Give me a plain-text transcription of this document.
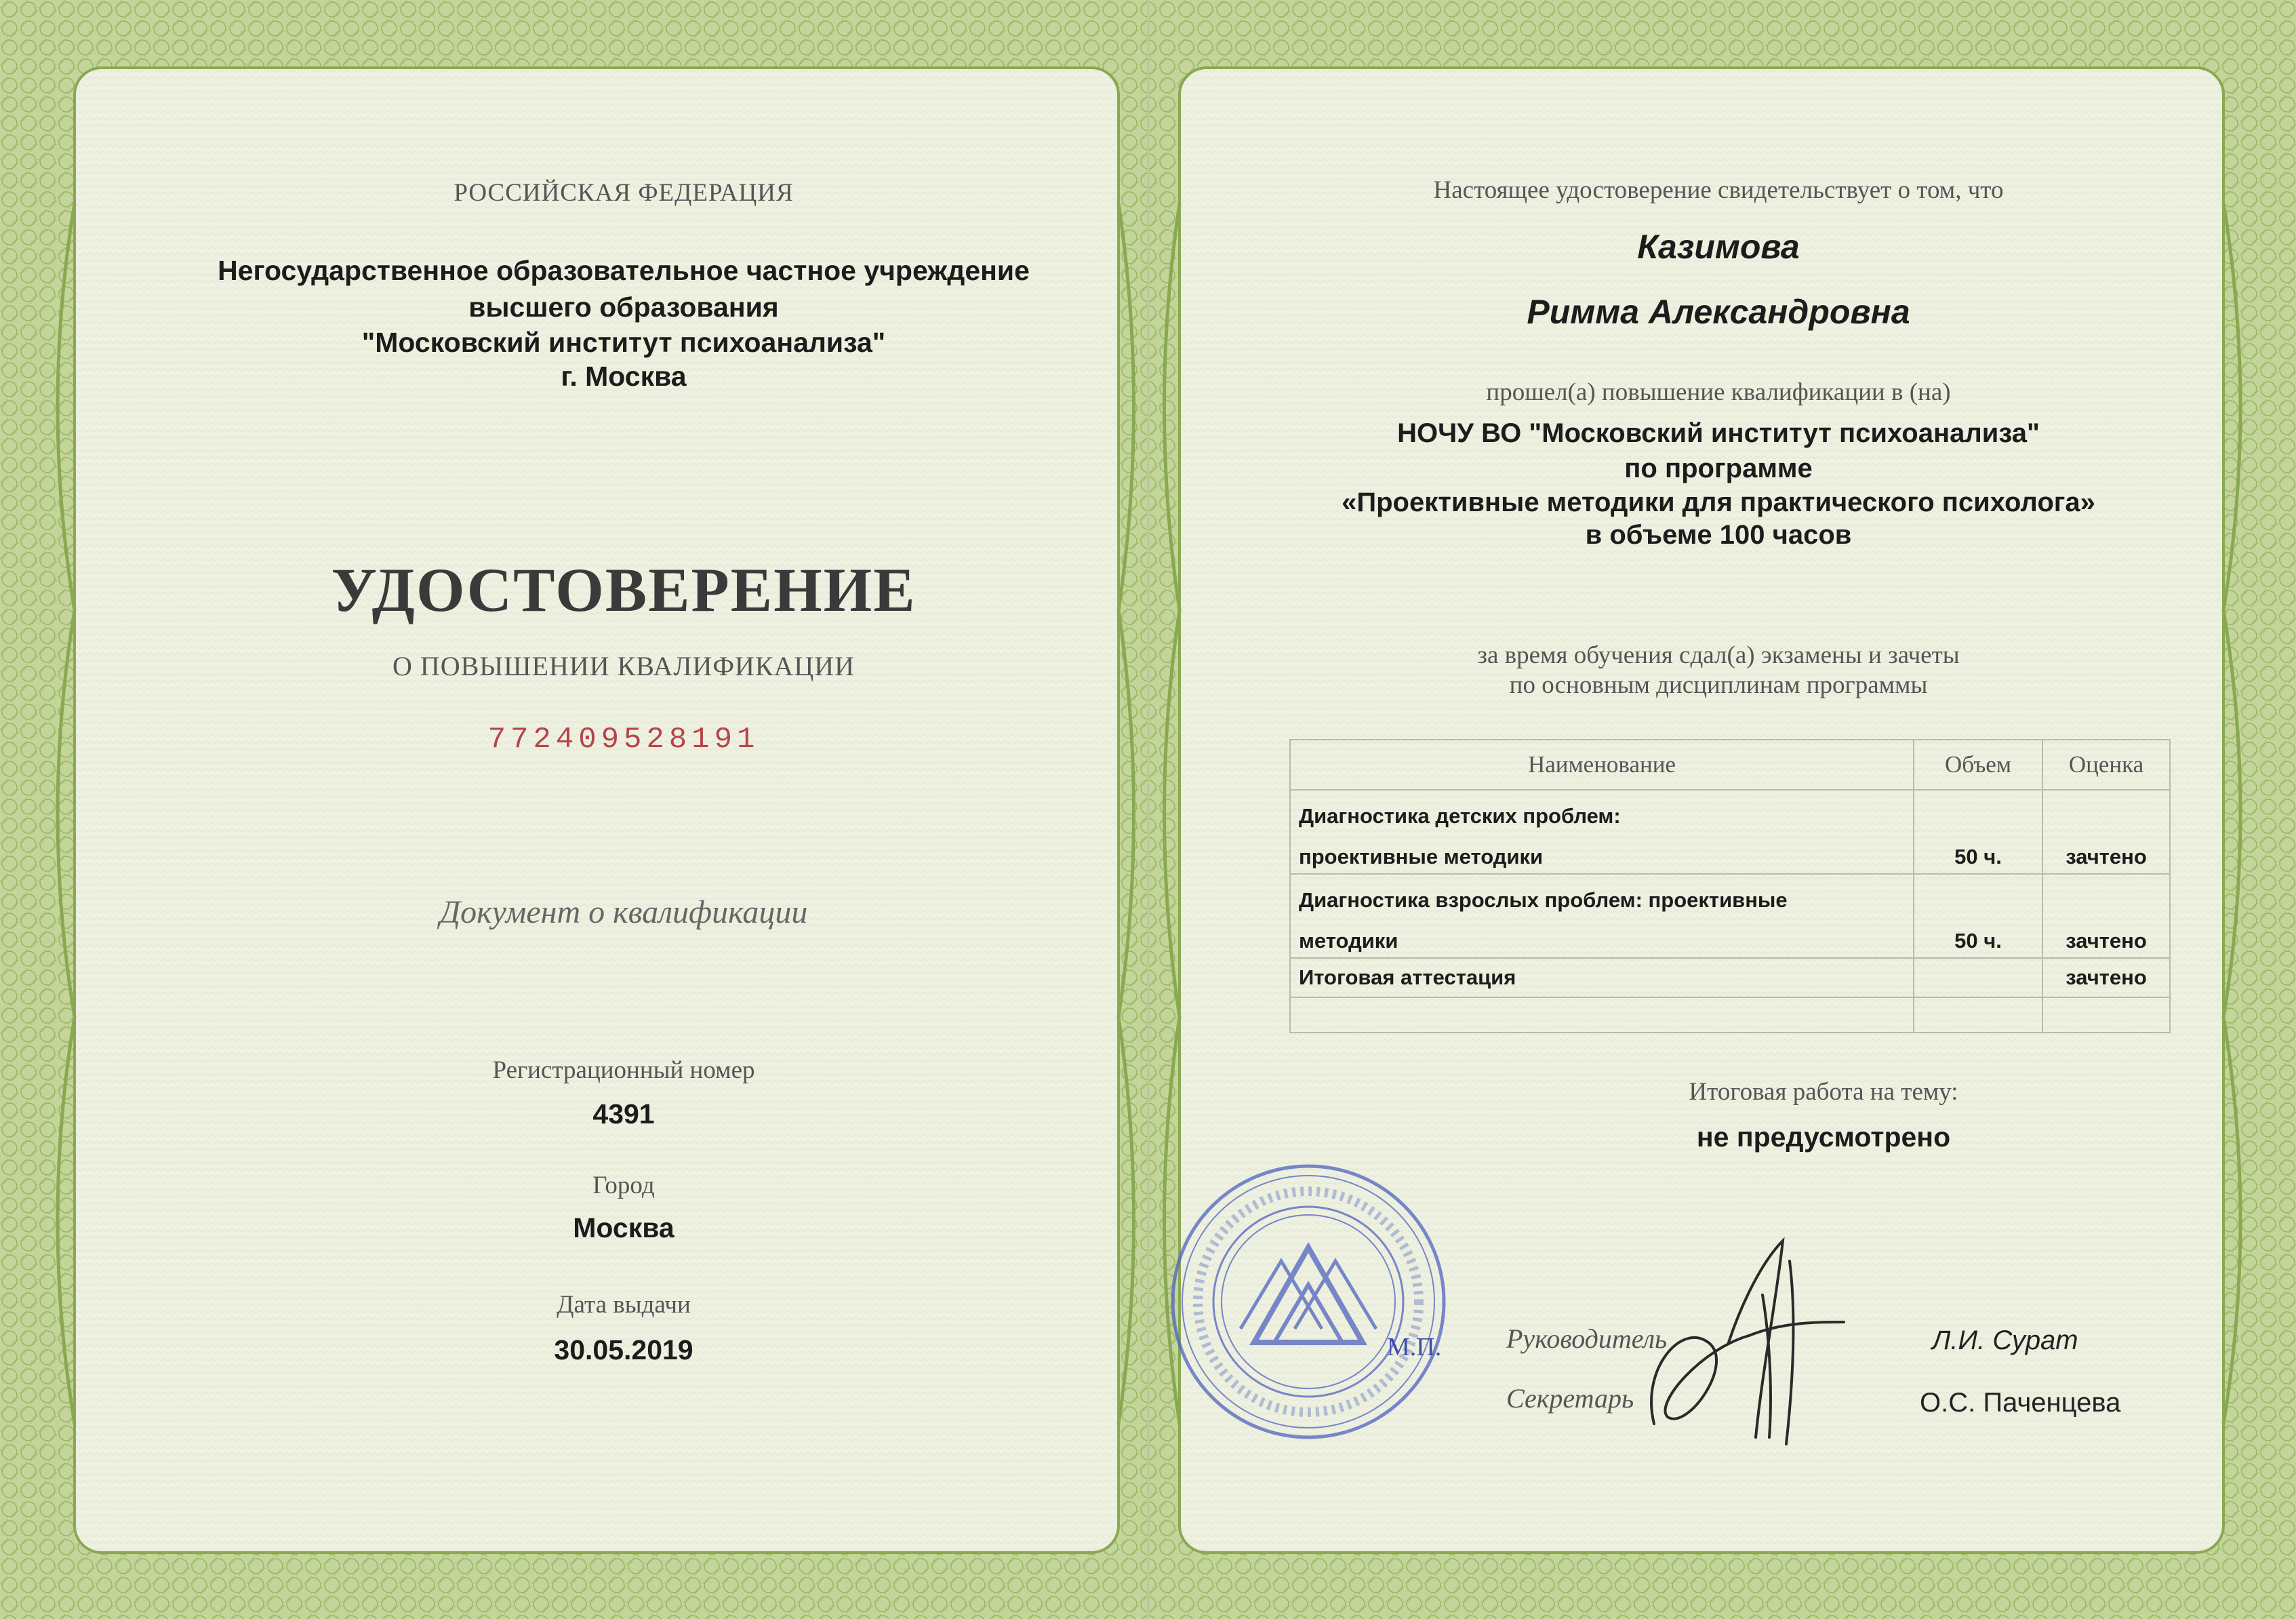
РОССИЙСКАЯ ФЕДЕРАЦИЯ

Негосударственное образовательное частное учреждение

высшего образования

"Московский институт психоанализа"

г. Москва

УДОСТОВЕРЕНИЕ

О ПОВЫШЕНИИ КВАЛИФИКАЦИИ

772409528191

Документ о квалификации

Регистрационный номер

4391

Город

Москва

Дата выдачи

30.05.2019

Настоящее удостоверение свидетельствует о том, что

Казимова

Римма Александровна

прошел(а) повышение квалификации в (на)

НОЧУ ВО "Московский институт психоанализа"

по программе

«Проективные методики для практического психолога»

в объеме 100 часов

за время обучения сдал(а) экзамены и зачеты

по основным дисциплинам программы

Наименование	Объем	Оценка
Диагностика детских проблем:		
проективные методики	50 ч.	зачтено
Диагностика взрослых проблем: проективные		
методики	50 ч.	зачтено
Итоговая аттестация		зачтено

Итоговая работа на тему:

не предусмотрено

М.П. Руководитель

Секретарь

Л.И. Сурат

О.С. Паченцева
